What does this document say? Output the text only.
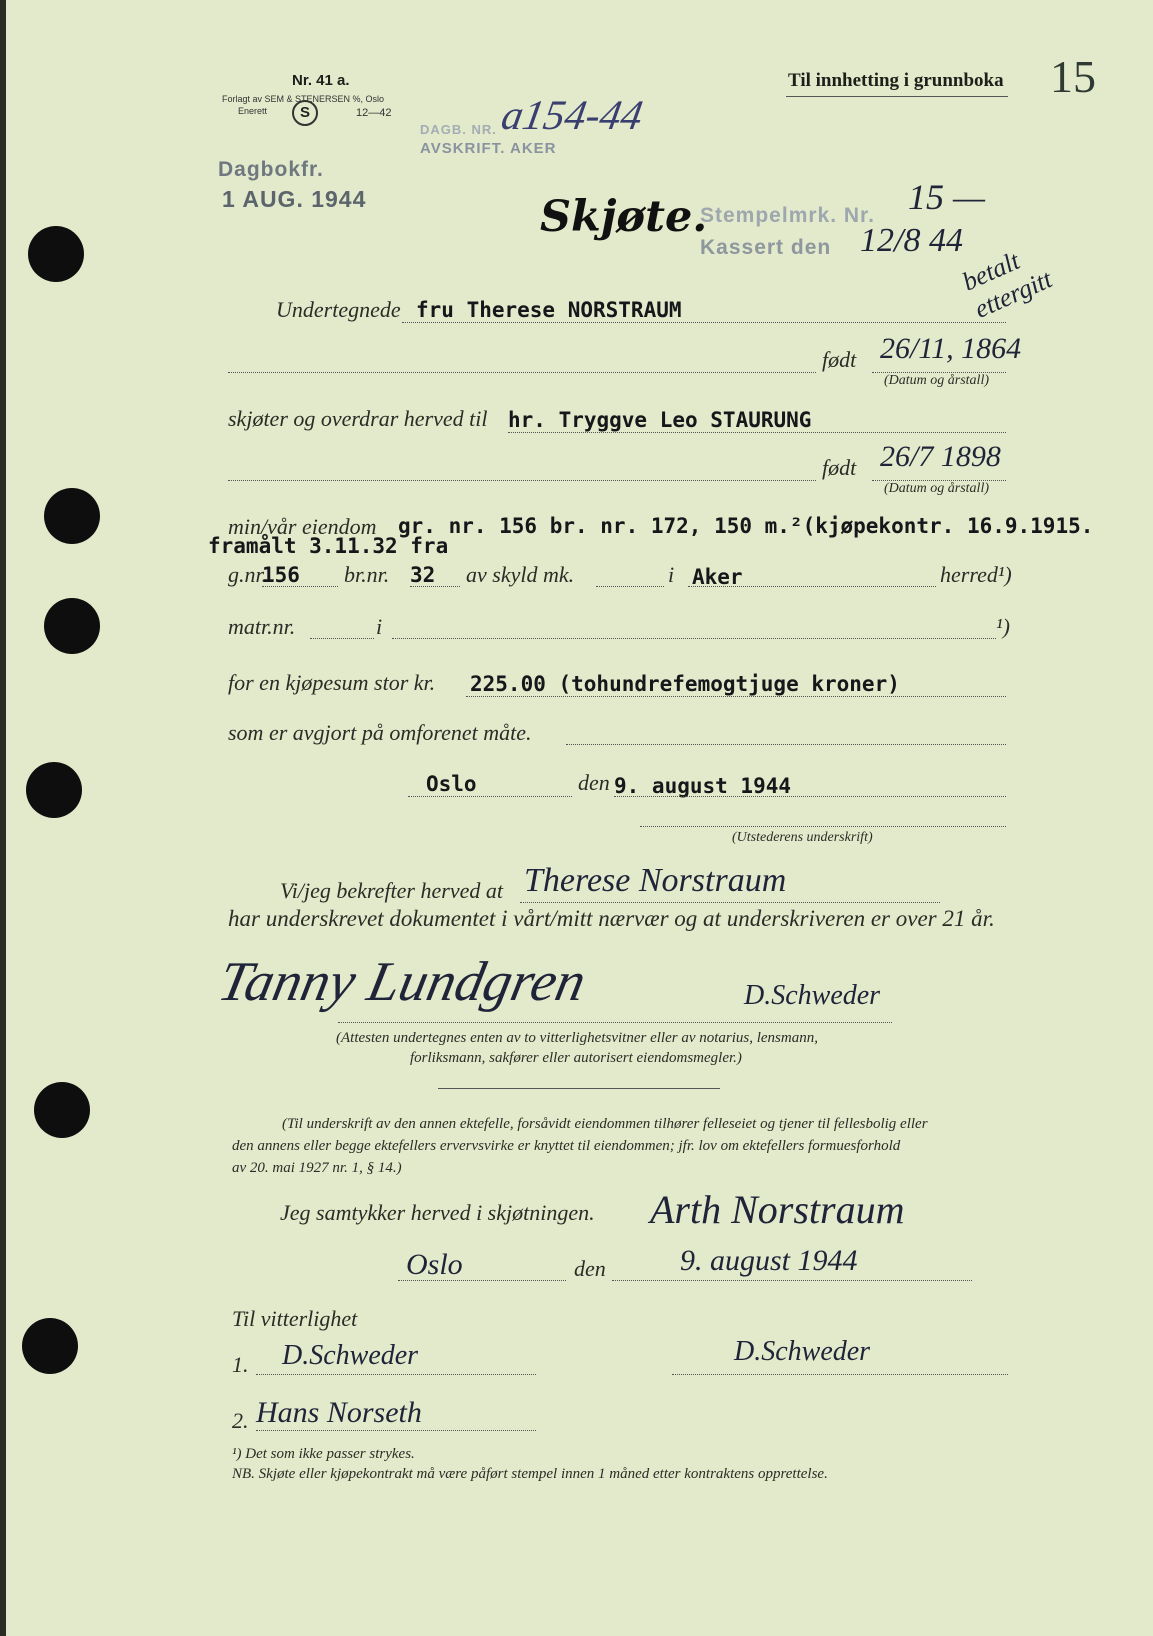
Nr. 41 a.
Forlagt av SEM & STENERSEN %, Oslo
Enerett	S	12—42
Til innhetting i grunnboka 15
a154-44
DAGB. NR.
AVSKRIFT. AKER
Dagbokfr.
1 AUG. 1944	Skjøte.
Stempelmrk. Nr. 15 —
Kassert den 12/8 44
betalt ettergitt
Undertegnede fru Therese NORSTRAUM
født 26/11, 1864
(Datum og årstall)
skjøter og overdrar herved til hr. Tryggve Leo STAURUNG
født 26/7 1898
(Datum og årstall)
min/vår eiendom gr. nr. 156 br. nr. 172, 150 m.²(kjøpekontr. 16.9.1915.
framålt 3.11.32 fra
g.nr.
156 br.nr. 32 av skyld mk.	i Aker	herred¹)
matr.nr.	i	¹)
for en kjøpesum stor kr. 225.00 (tohundrefemogtjuge kroner)
som er avgjort på omforenet måte.
Oslo	den 9. august 1944
(Utstederens underskrift)
Vi/jeg bekrefter herved at Therese Norstraum
har underskrevet dokumentet i vårt/mitt nærvær og at underskriveren er over 21 år.
Tanny Lundgren	D.Schweder
(Attesten undertegnes enten av to vitterlighetsvitner eller av notarius, lensmann,
forliksmann, sakfører eller autorisert eiendomsmegler.)
(Til underskrift av den annen ektefelle, forsåvidt eiendommen tilhører felleseiet og tjener til fellesbolig eller
den annens eller begge ektefellers ervervsvirke er knyttet til eiendommen; jfr. lov om ektefellers formuesforhold
av 20. mai 1927 nr. 1, § 14.)
Jeg samtykker herved i skjøtningen. Arth Norstraum
Oslo	den 9. august 1944
Til vitterlighet
1. D.Schweder	D.Schweder
2. Hans Norseth
¹) Det som ikke passer strykes.
NB. Skjøte eller kjøpekontrakt må være påført stempel innen 1 måned etter kontraktens opprettelse.
